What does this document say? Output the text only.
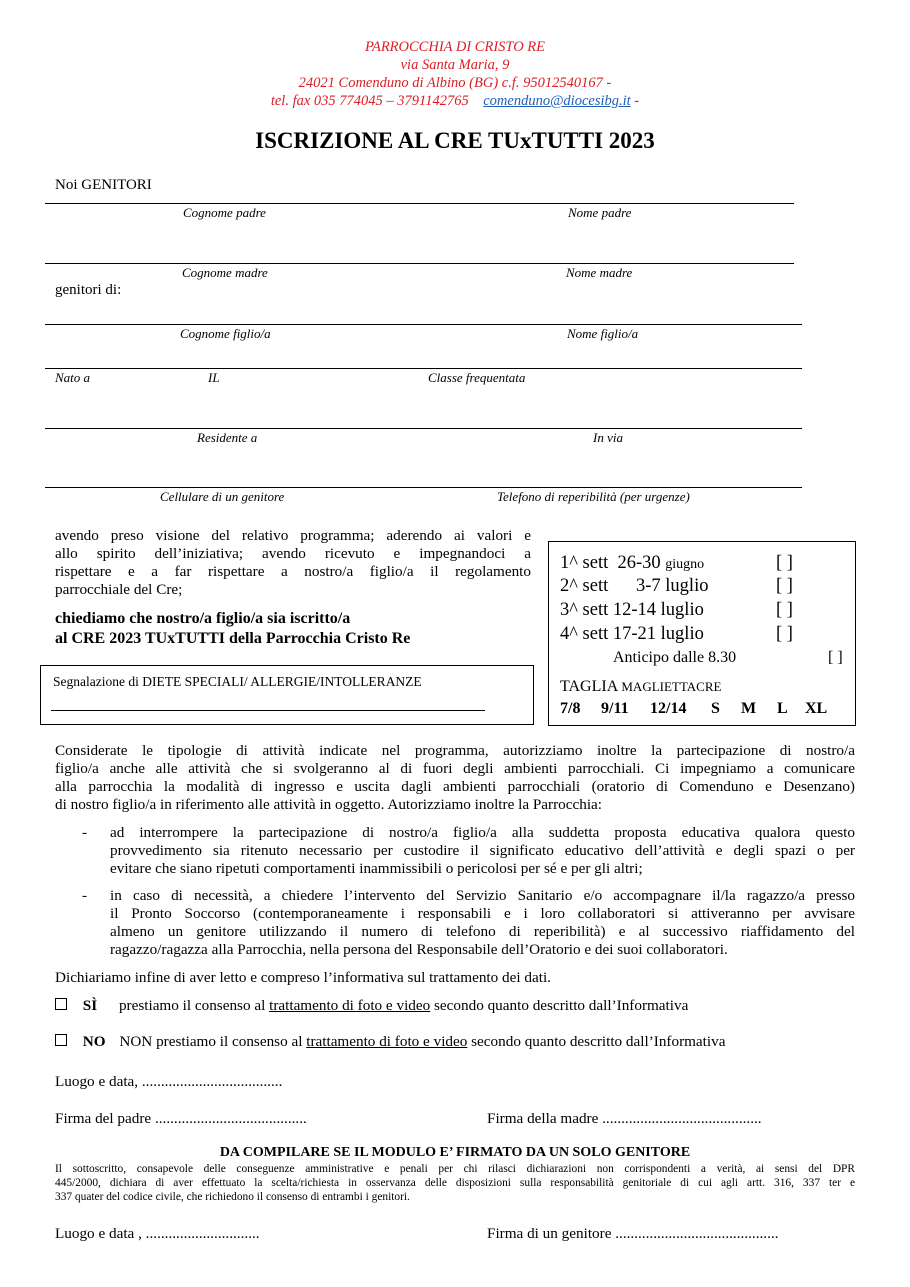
PARROCCHIA DI CRISTO RE
via Santa Maria, 9
24021 Comenduno di Albino (BG) c.f. 95012540167 -
tel. fax 035 774045 – 3791142765 comenduno@diocesibg.it -
ISCRIZIONE AL CRE TUxTUTTI 2023
Noi GENITORI
Cognome padre	Nome padre
Cognome madre	Nome madre
genitori di:
Cognome figlio/a	Nome figlio/a
Nato a	IL	Classe frequentata
Residente a	In via
Cellulare di un genitore	Telefono di reperibilità (per urgenze)
avendo preso visione del relativo programma; aderendo ai valori e
allo spirito dell’iniziativa; avendo ricevuto e impegnandoci a
rispettare e a far rispettare a nostro/a figlio/a il regolamento
parrocchiale del Cre;
chiediamo che nostro/a figlio/a sia iscritto/a
al CRE 2023 TUxTUTTI della Parrocchia Cristo Re
Segnalazione di DIETE SPECIALI/ ALLERGIE/INTOLLERANZE
1^ sett 26-30 giugno	[ ]
2^ sett 3-7 luglio	[ ]
3^ sett 12-14 luglio	[ ]
4^ sett 17-21 luglio	[ ]
Anticipo dalle 8.30	[ ]
TAGLIA MAGLIETTACRE
7/8 9/11 12/14 S M L XL
Considerate le tipologie di attività indicate nel programma, autorizziamo inoltre la partecipazione di nostro/a
figlio/a anche alle attività che si svolgeranno al di fuori degli ambienti parrocchiali. Ci impegniamo a comunicare
alla parrocchia la modalità di ingresso e uscita dagli ambienti parrocchiali (oratorio di Comenduno e Desenzano)
di nostro figlio/a in riferimento alle attività in oggetto. Autorizziamo inoltre la Parrocchia:
- ad interrompere la partecipazione di nostro/a figlio/a alla suddetta proposta educativa qualora questo
provvedimento sia ritenuto necessario per custodire il significato educativo dell’attività e degli spazi o per
evitare che siano ripetuti comportamenti inammissibili o pericolosi per sé e per gli altri;
- in caso di necessità, a chiedere l’intervento del Servizio Sanitario e/o accompagnare il/la ragazzo/a presso
il Pronto Soccorso (contemporaneamente i responsabili e i loro collaboratori si attiveranno per avvisare
almeno un genitore utilizzando il numero di telefono di reperibilità) e al successivo riaffidamento del
ragazzo/ragazza alla Parrocchia, nella persona del Responsabile dell’Oratorio e dei suoi collaboratori.
Dichiariamo infine di aver letto e compreso l’informativa sul trattamento dei dati.
SÌ prestiamo il consenso al trattamento di foto e video secondo quanto descritto dall’Informativa
NO NON prestiamo il consenso al trattamento di foto e video secondo quanto descritto dall’Informativa
Luogo e data, .....................................
Firma del padre ........................................	Firma della madre ..........................................
DA COMPILARE SE IL MODULO E’ FIRMATO DA UN SOLO GENITORE
Il sottoscritto, consapevole delle conseguenze amministrative e penali per chi rilasci dichiarazioni non corrispondenti a verità, ai sensi del DPR
445/2000, dichiara di aver effettuato la scelta/richiesta in osservanza delle disposizioni sulla responsabilità genitoriale di cui agli artt. 316, 337 ter e
337 quater del codice civile, che richiedono il consenso di entrambi i genitori.
Luogo e data , ..............................	Firma di un genitore ...........................................
